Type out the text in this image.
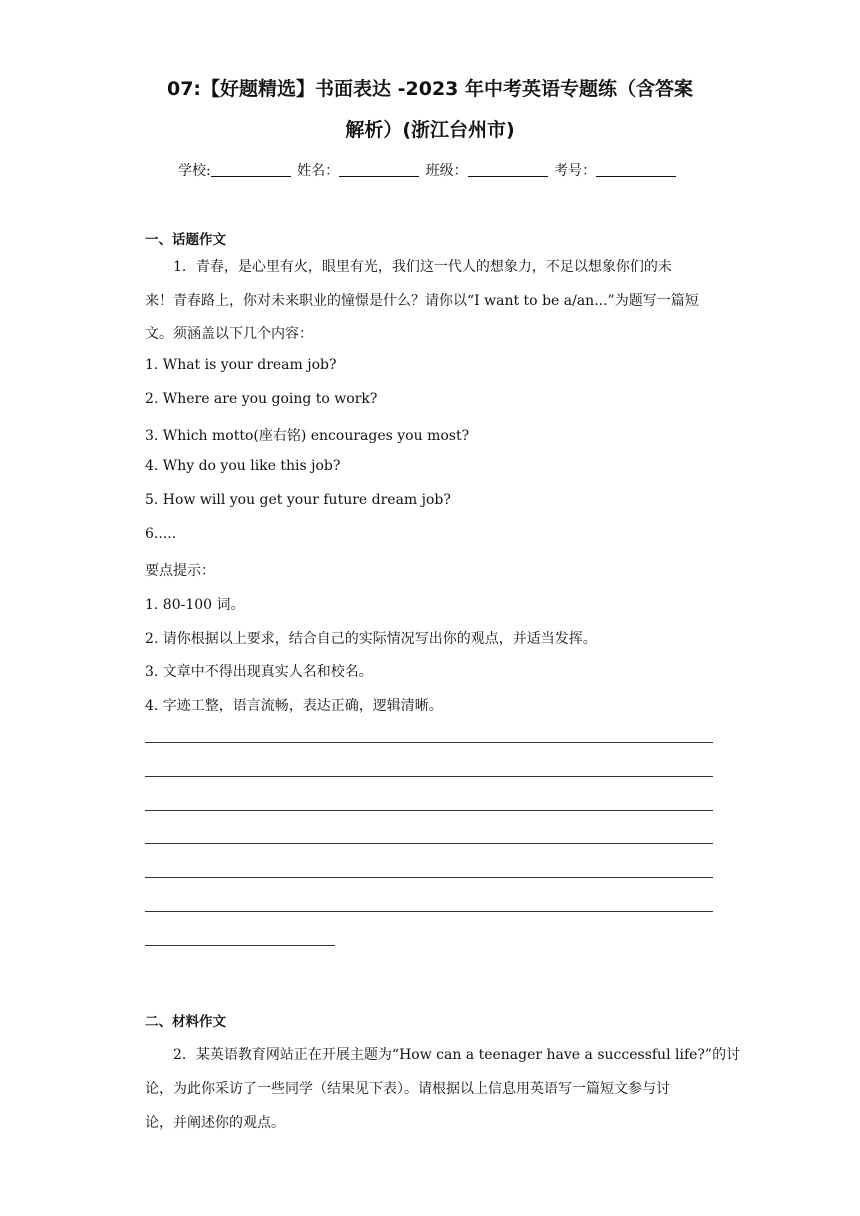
07:【好题精选】书面表达 -2023 年中考英语专题练（含答案
解析）(浙江台州市)
学校:	姓名：	班级：	考号：
一、话题作文
1．青春，是心里有火，眼里有光，我们这一代人的想象力，不足以想象你们的未
来！青春路上，你对未来职业的憧憬是什么？请你以“I want to be a/an...”为题写一篇短
文。须涵盖以下几个内容：
1. What is your dream job?
2. Where are you going to work?
3. Which motto(座右铭) encourages you most?
4. Why do you like this job?
5. How will you get your future dream job?
6.....
要点提示：
1. 80-100 词。
2. 请你根据以上要求，结合自己的实际情况写出你的观点，并适当发挥。
3. 文章中不得出现真实人名和校名。
4. 字迹工整，语言流畅，表达正确，逻辑清晰。
二、材料作文
2．某英语教育网站正在开展主题为“How can a teenager have a successful life?”的讨
论，为此你采访了一些同学（结果见下表）。请根据以上信息用英语写一篇短文参与讨
论，并阐述你的观点。
